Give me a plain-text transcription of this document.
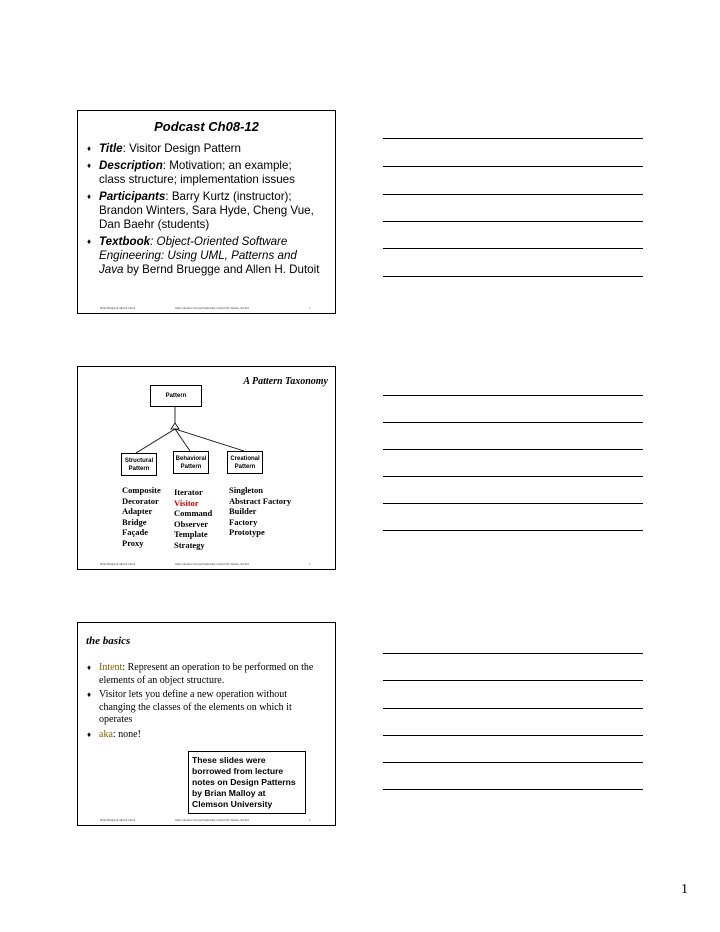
Podcast Ch08-12
♦ Title: Visitor Design Pattern
♦ Description: Motivation; an example; class structure; implementation issues
♦ Participants: Barry Kurtz (instructor); Brandon Winters, Sara Hyde, Cheng Vue, Dan Baehr (students)
♦ Textbook: Object-Oriented Software Engineering: Using UML, Patterns and Java by Bernd Bruegge and Allen H. Dutoit
Bernd Bruegge & Allen H. Dutoit	Object-Oriented Software Engineering: Using UML, Patterns, and Java	1
A Pattern Taxonomy
Pattern
Structural Pattern
Behavioral Pattern
Creational Pattern
Composite
Decorator
Adapter
Bridge
Façade
Proxy
Iterator
Visitor
Command
Observer
Template
Strategy
Singleton
Abstract Factory
Builder
Factory
Prototype
Bernd Bruegge & Allen H. Dutoit	Object-Oriented Software Engineering: Using UML, Patterns, and Java	2
the basics
♦ Intent: Represent an operation to be performed on the elements of an object structure.
♦ Visitor lets you define a new operation without changing the classes of the elements on which it operates
♦ aka: none!
These slides were borrowed from lecture notes on Design Patterns by Brian Malloy at Clemson University
Bernd Bruegge & Allen H. Dutoit	Object-Oriented Software Engineering: Using UML, Patterns, and Java	3
1
